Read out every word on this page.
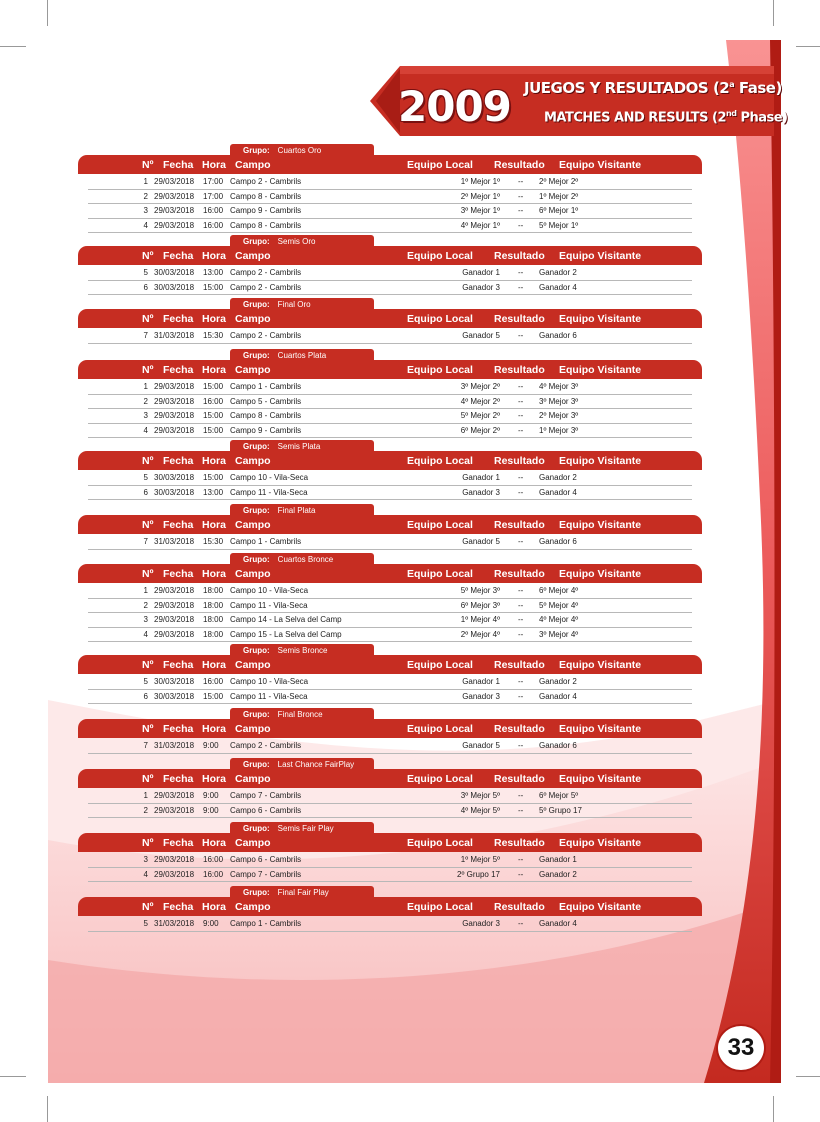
2009 JUEGOS Y RESULTADOS (2$^a$ Fase)
MATCHES AND RESULTS (2nd Phase)
Grupo: Cuartos Oro
Nº Fecha Hora Campo	Equipo Local Resultado Equipo Visitante
1 29/03/2018 17:00 Campo 2 - Cambrils	1º Mejor 1º -- 2º Mejor 2º
2 29/03/2018 17:00 Campo 8 - Cambrils	2º Mejor 1º -- 1º Mejor 2º
3 29/03/2018 16:00 Campo 9 - Cambrils	3º Mejor 1º -- 6º Mejor 1º
4 29/03/2018 16:00 Campo 8 - Cambrils	4º Mejor 1º -- 5º Mejor 1º
Grupo: Semis Oro
Nº Fecha Hora Campo	Equipo Local Resultado Equipo Visitante
5 30/03/2018 13:00 Campo 2 - Cambrils	Ganador 1 -- Ganador 2
6 30/03/2018 15:00 Campo 2 - Cambrils	Ganador 3 -- Ganador 4
Grupo: Final Oro
Nº Fecha Hora Campo	Equipo Local Resultado Equipo Visitante
7 31/03/2018 15:30 Campo 2 - Cambrils	Ganador 5 -- Ganador 6
Grupo: Cuartos Plata
Nº Fecha Hora Campo	Equipo Local Resultado Equipo Visitante
1 29/03/2018 15:00 Campo 1 - Cambrils	3º Mejor 2º -- 4º Mejor 3º
2 29/03/2018 16:00 Campo 5 - Cambrils	4º Mejor 2º -- 3º Mejor 3º
3 29/03/2018 15:00 Campo 8 - Cambrils	5º Mejor 2º -- 2º Mejor 3º
4 29/03/2018 15:00 Campo 9 - Cambrils	6º Mejor 2º -- 1º Mejor 3º
Grupo: Semis Plata
Nº Fecha Hora Campo	Equipo Local Resultado Equipo Visitante
5 30/03/2018 15:00 Campo 10 - Vila-Seca	Ganador 1 -- Ganador 2
6 30/03/2018 13:00 Campo 11 - Vila-Seca	Ganador 3 -- Ganador 4
Grupo: Final Plata
Nº Fecha Hora Campo	Equipo Local Resultado Equipo Visitante
7 31/03/2018 15:30 Campo 1 - Cambrils	Ganador 5 -- Ganador 6
Grupo: Cuartos Bronce
Nº Fecha Hora Campo	Equipo Local Resultado Equipo Visitante
1 29/03/2018 18:00 Campo 10 - Vila-Seca	5º Mejor 3º -- 6º Mejor 4º
2 29/03/2018 18:00 Campo 11 - Vila-Seca	6º Mejor 3º -- 5º Mejor 4º
3 29/03/2018 18:00 Campo 14 - La Selva del Camp	1º Mejor 4º -- 4º Mejor 4º
4 29/03/2018 18:00 Campo 15 - La Selva del Camp	2º Mejor 4º -- 3º Mejor 4º
Grupo: Semis Bronce
Nº Fecha Hora Campo	Equipo Local Resultado Equipo Visitante
5 30/03/2018 16:00 Campo 10 - Vila-Seca	Ganador 1 -- Ganador 2
6 30/03/2018 15:00 Campo 11 - Vila-Seca	Ganador 3 -- Ganador 4
Grupo: Final Bronce
Nº Fecha Hora Campo	Equipo Local Resultado Equipo Visitante
7 31/03/2018 9:00 Campo 2 - Cambrils	Ganador 5 -- Ganador 6
Grupo: Last Chance FairPlay
Nº Fecha Hora Campo	Equipo Local Resultado Equipo Visitante
1 29/03/2018 9:00 Campo 7 - Cambrils	3º Mejor 5º -- 6º Mejor 5º
2 29/03/2018 9:00 Campo 6 - Cambrils	4º Mejor 5º -- 5º Grupo 17
Grupo: Semis Fair Play
Nº Fecha Hora Campo	Equipo Local Resultado Equipo Visitante
3 29/03/2018 16:00 Campo 6 - Cambrils	1º Mejor 5º -- Ganador 1
4 29/03/2018 16:00 Campo 7 - Cambrils	2º Grupo 17 -- Ganador 2
Grupo: Final Fair Play
Nº Fecha Hora Campo	Equipo Local Resultado Equipo Visitante
5 31/03/2018 9:00 Campo 1 - Cambrils	Ganador 3 -- Ganador 4
33
